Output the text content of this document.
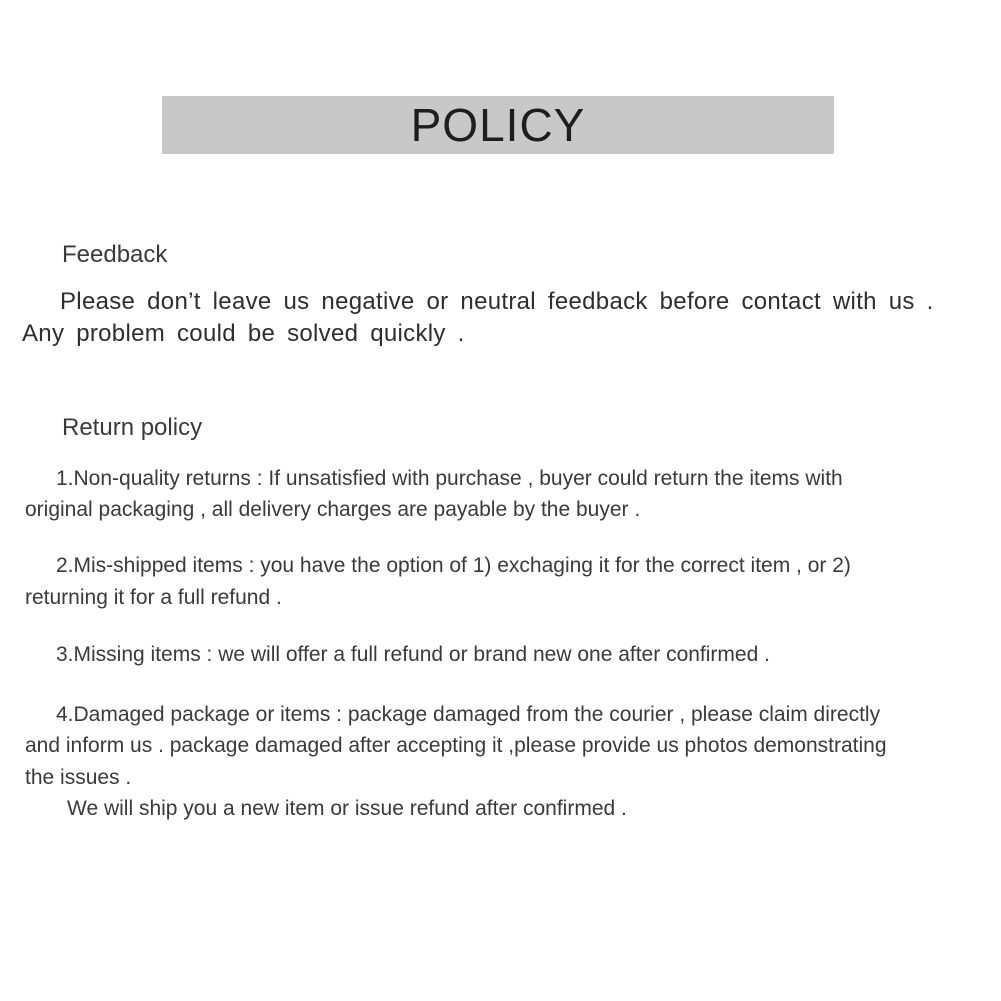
POLICY
Feedback
Please don’t leave us negative or neutral feedback before contact with us .
Any problem could be solved quickly .
Return policy
1.Non-quality returns : If unsatisfied with purchase , buyer could return the items with
original packaging , all delivery charges are payable by the buyer .
2.Mis-shipped items : you have the option of 1) exchaging it for the correct item , or 2)
returning it for a full refund .
3.Missing items : we will offer a full refund or brand new one after confirmed .
4.Damaged package or items : package damaged from the courier , please claim directly
and inform us . package damaged after accepting it ,please provide us photos demonstrating
the issues .
We will ship you a new item or issue refund after confirmed .
